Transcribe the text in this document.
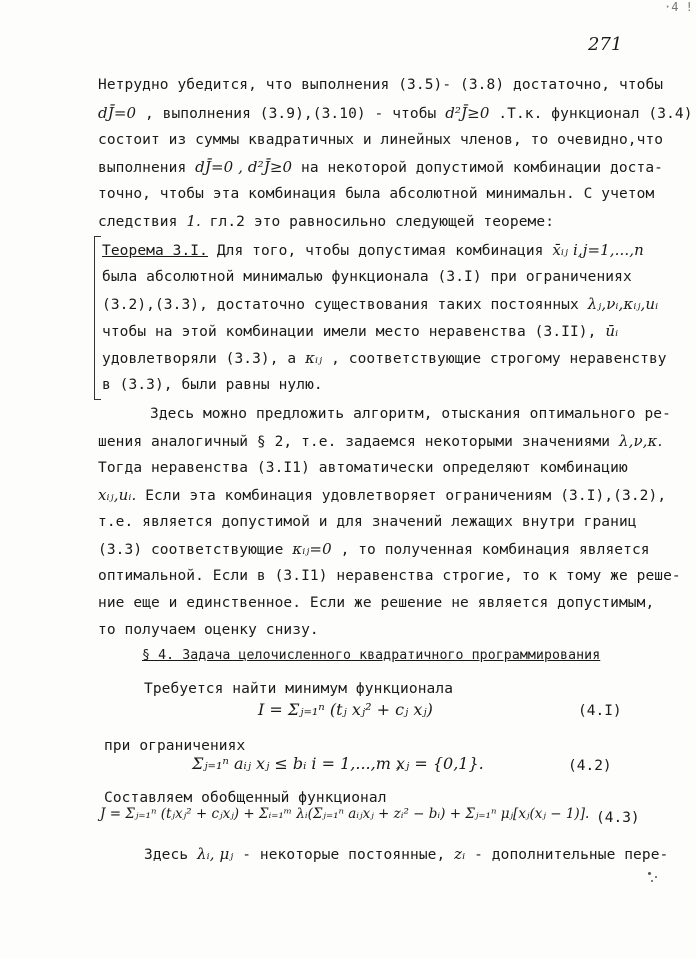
·4 !
271
Нетрудно убедится, что выполнения (3.5)- (3.8) достаточно, чтобы
dJ̄=0 , выполнения (3.9),(3.10) - чтобы d²J̄≥0 .Т.к. функционал (3.4)
состоит из суммы квадратичных и линейных членов, то очевидно,что
выполнения dJ̄=0 , d²J̄≥0 на некоторой допустимой комбинации доста-
точно, чтобы эта комбинация была абсолютной минимальн. С учетом
следствия 1. гл.2 это равносильно следующей теореме:
Теорема 3.I. Для того, чтобы допустимая комбинация x̄ᵢⱼ i,j=1,...,n
была абсолютной минималью функционала (3.I) при ограничениях
(3.2),(3.3), достаточно существования таких постоянных λⱼ,νᵢ,κᵢⱼ,uᵢ
чтобы на этой комбинации имели место неравенства (3.II), ūᵢ
удовлетворяли (3.3), а κᵢⱼ , соответствующие строгому неравенству
в (3.3), были равны нулю.
Здесь можно предложить алгоритм, отыскания оптимального ре-
шения аналогичный § 2, т.е. задаемся некоторыми значениями λ,ν,κ.
Тогда неравенства (3.I1) автоматически определяют комбинацию
xᵢⱼ,uᵢ. Если эта комбинация удовлетворяет ограничениям (3.I),(3.2),
т.е. является допустимой и для значений лежащих внутри границ
(3.3) соответствующие κᵢⱼ=0 , то полученная комбинация является
оптимальной. Если в (3.I1) неравенства строгие, то к тому же реше-
ние еще и единственное. Если же решение не является допустимым,
то получаем оценку снизу.
§ 4. Задача целочисленного квадратичного программирования
Требуется найти минимум функционала
I = Σⱼ₌₁ⁿ (tⱼ xⱼ² + cⱼ xⱼ)	(4.I)
при ограничениях
Σⱼ₌₁ⁿ aᵢⱼ xⱼ ≤ bᵢ i = 1,...,m ,
xⱼ = {0,1}.	(4.2)
Составляем обобщенный функционал
J = Σⱼ₌₁ⁿ (tⱼxⱼ² + cⱼxⱼ) + Σᵢ₌₁ᵐ λᵢ(Σⱼ₌₁ⁿ aᵢⱼxⱼ + zᵢ² − bᵢ) + Σⱼ₌₁ⁿ μⱼ[xⱼ(xⱼ − 1)]. (4.3)
Здесь λᵢ, μⱼ - некоторые постоянные, zᵢ - дополнительные пере-
